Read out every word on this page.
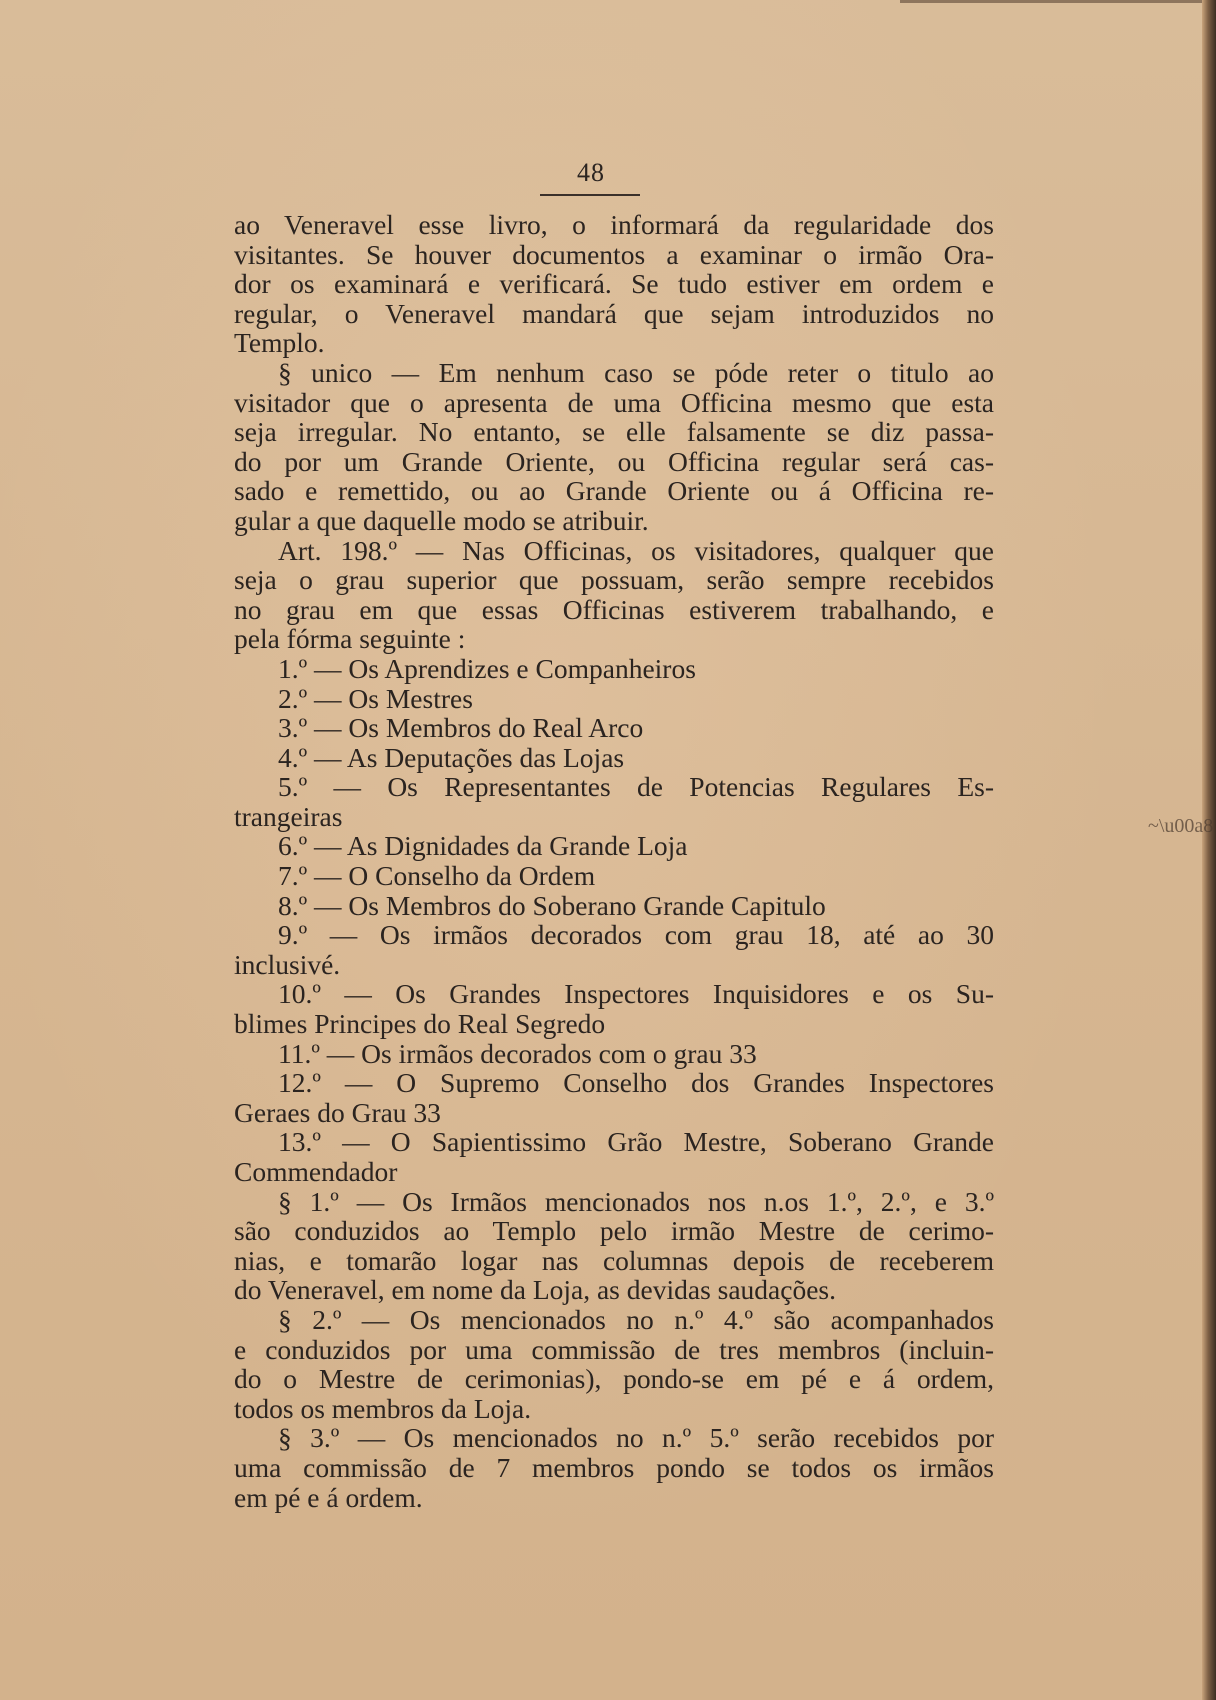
48
ao Veneravel esse livro, o informará da regularidade dos
visitantes. Se houver documentos a examinar o irmão Ora-
dor os examinará e verificará. Se tudo estiver em ordem e
regular, o Veneravel mandará que sejam introduzidos no
Templo.
§ unico — Em nenhum caso se póde reter o titulo ao
visitador que o apresenta de uma Officina mesmo que esta
seja irregular. No entanto, se elle falsamente se diz passa-
do por um Grande Oriente, ou Officina regular será cas-
sado e remettido, ou ao Grande Oriente ou á Officina re-
gular a que daquelle modo se atribuir.
Art. 198.º — Nas Officinas, os visitadores, qualquer que
seja o grau superior que possuam, serão sempre recebidos
no grau em que essas Officinas estiverem trabalhando, e
pela fórma seguinte :
1.º — Os Aprendizes e Companheiros
2.º — Os Mestres
3.º — Os Membros do Real Arco
4.º — As Deputações das Lojas
5.º — Os Representantes de Potencias Regulares Es-
trangeiras
6.º — As Dignidades da Grande Loja
7.º — O Conselho da Ordem
8.º — Os Membros do Soberano Grande Capitulo
9.º — Os irmãos decorados com grau 18, até ao 30
inclusivé.
10.º — Os Grandes Inspectores Inquisidores e os Su-
blimes Principes do Real Segredo
11.º — Os irmãos decorados com o grau 33
12.º — O Supremo Conselho dos Grandes Inspectores
Geraes do Grau 33
13.º — O Sapientissimo Grão Mestre, Soberano Grande
Commendador
§ 1.º — Os Irmãos mencionados nos n.os 1.º, 2.º, e 3.º
são conduzidos ao Templo pelo irmão Mestre de cerimo-
nias, e tomarão logar nas columnas depois de receberem
do Veneravel, em nome da Loja, as devidas saudações.
§ 2.º — Os mencionados no n.º 4.º são acompanhados
e conduzidos por uma commissão de tres membros (incluin-
do o Mestre de cerimonias), pondo-se em pé e á ordem,
todos os membros da Loja.
§ 3.º — Os mencionados no n.º 5.º serão recebidos por
uma commissão de 7 membros pondo se todos os irmãos
em pé e á ordem.
~\u00a8
